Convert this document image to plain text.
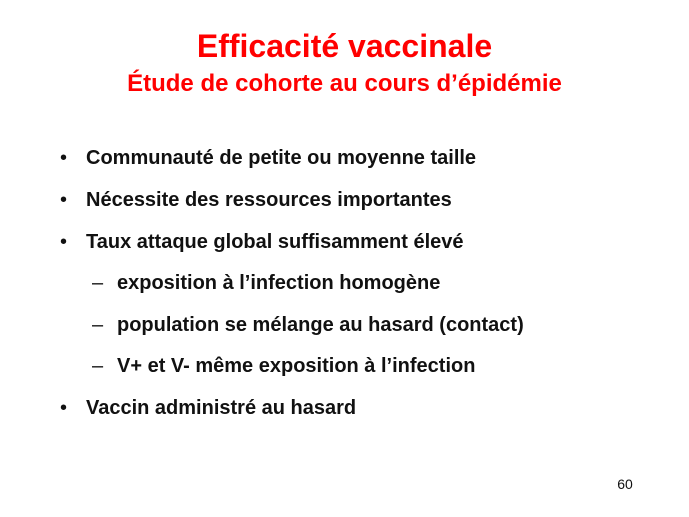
Efficacité vaccinale
Étude de cohorte au cours d’épidémie
• Communauté de petite ou moyenne taille
• Nécessite des ressources importantes
• Taux attaque global suffisamment élevé
– exposition à l’infection homogène
– population se mélange au hasard (contact)
– V+ et V- même exposition à l’infection
• Vaccin administré au hasard
60
